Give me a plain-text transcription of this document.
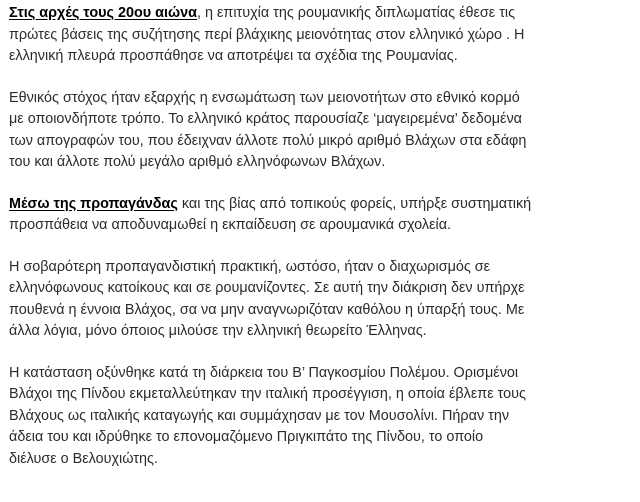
Στις αρχές τους 20ου αιώνα, η επιτυχία της ρουμανικής διπλωματίας έθεσε τις
πρώτες βάσεις της συζήτησης περί βλάχικης μειονότητας στον ελληνικό χώρο . Η
ελληνική πλευρά προσπάθησε να αποτρέψει τα σχέδια της Ρουμανίας.

Εθνικός στόχος ήταν εξαρχής η ενσωμάτωση των μειονοτήτων στο εθνικό κορμό
με οποιονδήποτε τρόπο. Το ελληνικό κράτος παρουσίαζε ‘μαγειρεμένα’ δεδομένα
των απογραφών του, που έδειχναν άλλοτε πολύ μικρό αριθμό Βλάχων στα εδάφη
του και άλλοτε πολύ μεγάλο αριθμό ελληνόφωνων Βλάχων.

Μέσω της προπαγάνδας και της βίας από τοπικούς φορείς, υπήρξε συστηματική
προσπάθεια να αποδυναμωθεί η εκπαίδευση σε αρουμανικά σχολεία.

Η σοβαρότερη προπαγανδιστική πρακτική, ωστόσο, ήταν ο διαχωρισμός σε
ελληνόφωνους κατοίκους και σε ρουμανίζοντες. Σε αυτή την διάκριση δεν υπήρχε
πουθενά η έννοια Βλάχος, σα να μην αναγνωριζόταν καθόλου η ύπαρξή τους. Με
άλλα λόγια, μόνο όποιος μιλούσε την ελληνική θεωρείτο Έλληνας.

Η κατάσταση οξύνθηκε κατά τη διάρκεια του Β’ Παγκοσμίου Πολέμου. Ορισμένοι
Βλάχοι της Πίνδου εκμεταλλεύτηκαν την ιταλική προσέγγιση, η οποία έβλεπε τους
Βλάχους ως ιταλικής καταγωγής και συμμάχησαν με τον Μουσολίνι. Πήραν την
άδεια του και ιδρύθηκε το επονομαζόμενο Πριγκιπάτο της Πίνδου, το οποίο
διέλυσε ο Βελουχιώτης.
